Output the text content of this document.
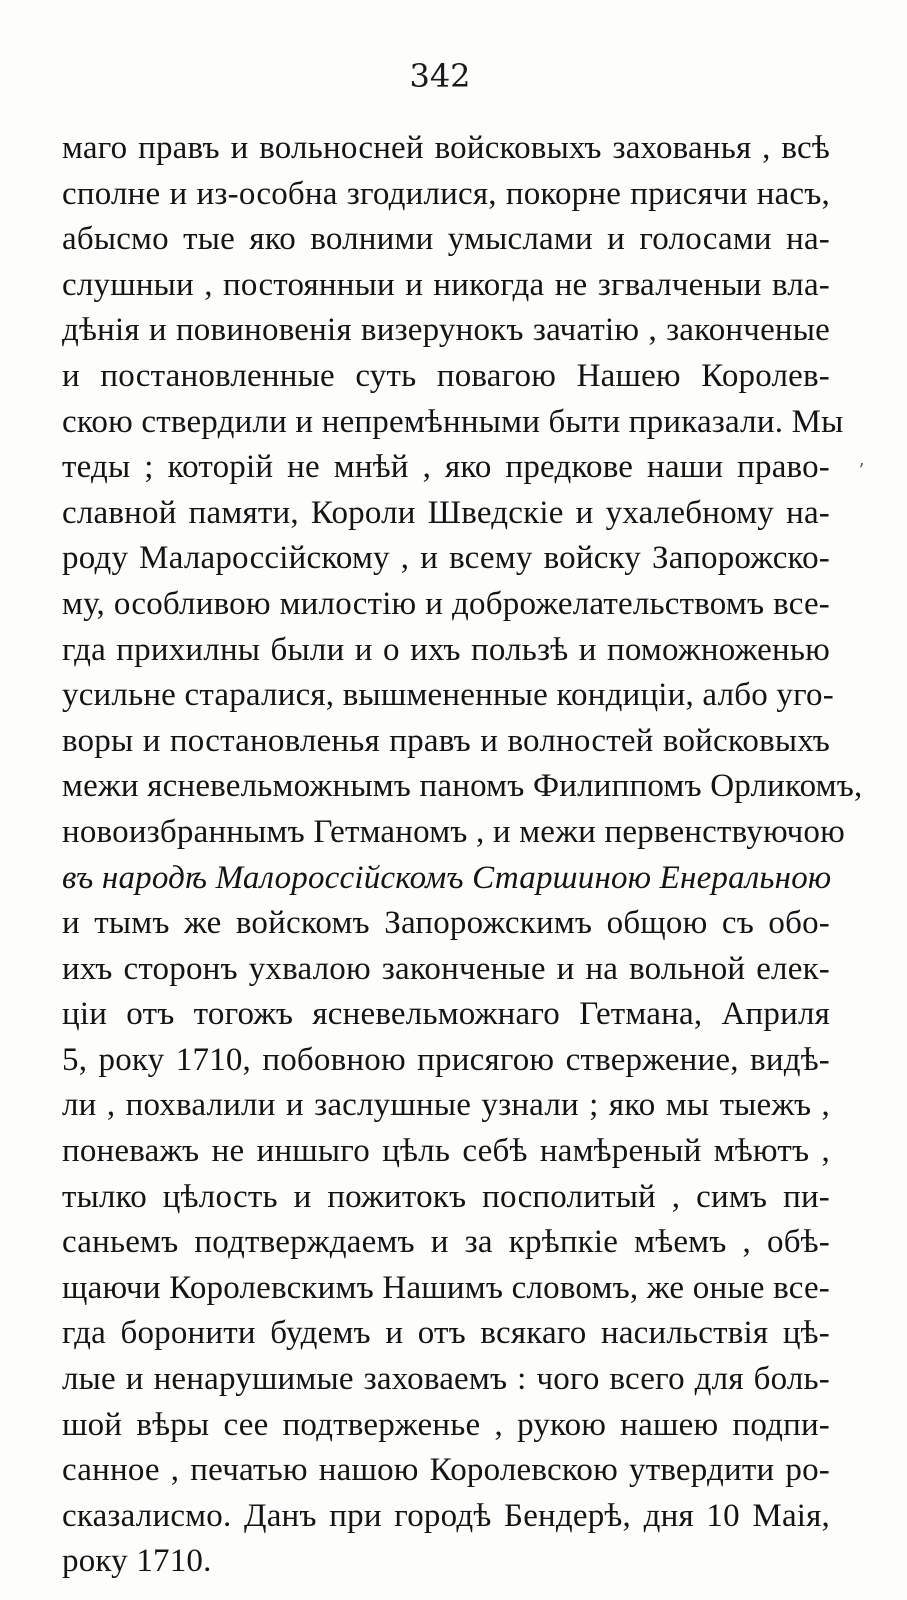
342
ʼ
маго правъ и вольносней войсковыхъ захованья , всѣ
сполне и из-особна згодилися, покорне присячи насъ,
абысмо тые яко волними умыслами и голосами на-
слушныи , постоянныи и никогда не згвалченыи вла-
дѣнія и повиновенія визерунокъ зачатію , законченые
и постановленные суть повагою Нашею Королев-
скою ствердили и непремѣнными быти приказали. Мы
теды ; которій не мнѣй , яко предкове наши право-
славной памяти, Короли Шведскіе и ухалебному на-
роду Малароссійскому , и всему войску Запорожско-
му, особливою милостію и доброжелательствомъ все-
гда прихилны были и о ихъ пользѣ и поможноженью
усильне старалися, вышмененные кондиціи, албо уго-
воры и постановленья правъ и волностей войсковыхъ
межи ясневельможнымъ паномъ Филиппомъ Орликомъ,
новоизбраннымъ Гетманомъ , и межи первенствуючою
въ народѣ Малороссійскомъ Старшиною Енеральною
и тымъ же войскомъ Запорожскимъ общою съ обо-
ихъ сторонъ ухвалою законченые и на вольной елек-
ціи отъ тогожъ ясневельможнаго Гетмана, Априля
5, року 1710, побовною присягою ствержение, видѣ-
ли , похвалили и заслушные узнали ; яко мы тыежъ ,
поневажъ не иншыго цѣль себѣ намѣреный мѣютъ ,
тылко цѣлость и пожитокъ посполитый , симъ пи-
саньемъ подтверждаемъ и за крѣпкіе мѣемъ , обѣ-
щаючи Королевскимъ Нашимъ словомъ, же оные все-
гда боронити будемъ и отъ всякаго насильствія цѣ-
лые и ненарушимые заховаемъ : чого всего для боль-
шой вѣры сее подтверженье , рукою нашею подпи-
санное , печатью нашою Королевскою утвердити ро-
сказалисмо. Данъ при городѣ Бендерѣ, дня 10 Маія,
року 1710.
